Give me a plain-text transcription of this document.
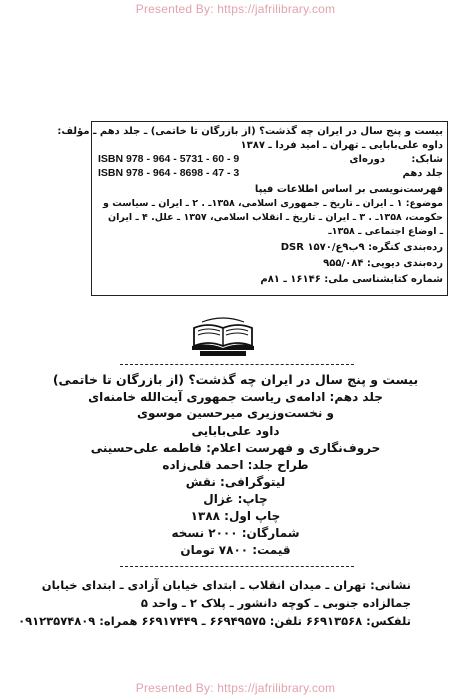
Presented By: https://jafrilibrary.com
بیست و پنج سال در ایران چه گذشت؟ (از بازرگان تا خاتمی) ـ جلد دهم ـ مؤلف:
داوه علی‌بابایی ـ تهران ـ امید فردا ـ ۱۳۸۷
شابک:
دوره‌ای
ISBN 978 - 964 - 5731 - 60 - 9
جلد دهم
ISBN 978 - 964 - 8698 - 47 - 3
فهرست‌نویسی بر اساس اطلاعات فیپا
موضوع: ۱ ـ ایران ـ تاریخ ـ جمهوری اسلامی، ۱۳۵۸ـ . ۲ ـ ایران ـ سیاست و
حکومت، ۱۳۵۸ـ . ۳ ـ ایران ـ تاریخ ـ انقلاب اسلامی، ۱۳۵۷ ـ علل. ۴ ـ ایران
ـ اوضاع اجتماعی ـ ۱۳۵۸ـ
رده‌بندی کنگره: ۹‌ب۹ع/۱۵۷۰ DSR
رده‌بندی دیویی: ۹۵۵/۰۸۴
شماره کتابشناسی ملی: ۱۶۱۴۶ ـ ۸۱م
بیست و پنج سال در ایران چه گذشت؟ (از بازرگان تا خاتمی)
جلد دهم: ادامه‌ی ریاست جمهوری آیت‌الله خامنه‌ای
و نخست‌وزیری میرحسین موسوی
داود علی‌بابایی
حروف‌نگاری و فهرست اعلام: فاطمه علی‌حسینی
طراح جلد: احمد قلی‌زاده
لیتوگرافی: نقش
چاپ: غزال
چاپ اول: ۱۳۸۸
شمارگان: ۲۰۰۰ نسخه
قیمت: ۷۸۰۰ تومان
نشانی: تهران ـ میدان انقلاب ـ ابتدای خیابان آزادی ـ ابتدای خیابان
جمالزاده جنوبی ـ کوچه دانشور ـ پلاک ۲ ـ واحد ۵
تلفکس: ۶۶۹۱۳۵۶۸ تلفن: ۶۶۹۴۹۵۷۵ ـ ۶۶۹۱۷۴۴۹ همراه: ۰۹۱۲۳۵۷۴۸۰۹
Presented By: https://jafrilibrary.com
